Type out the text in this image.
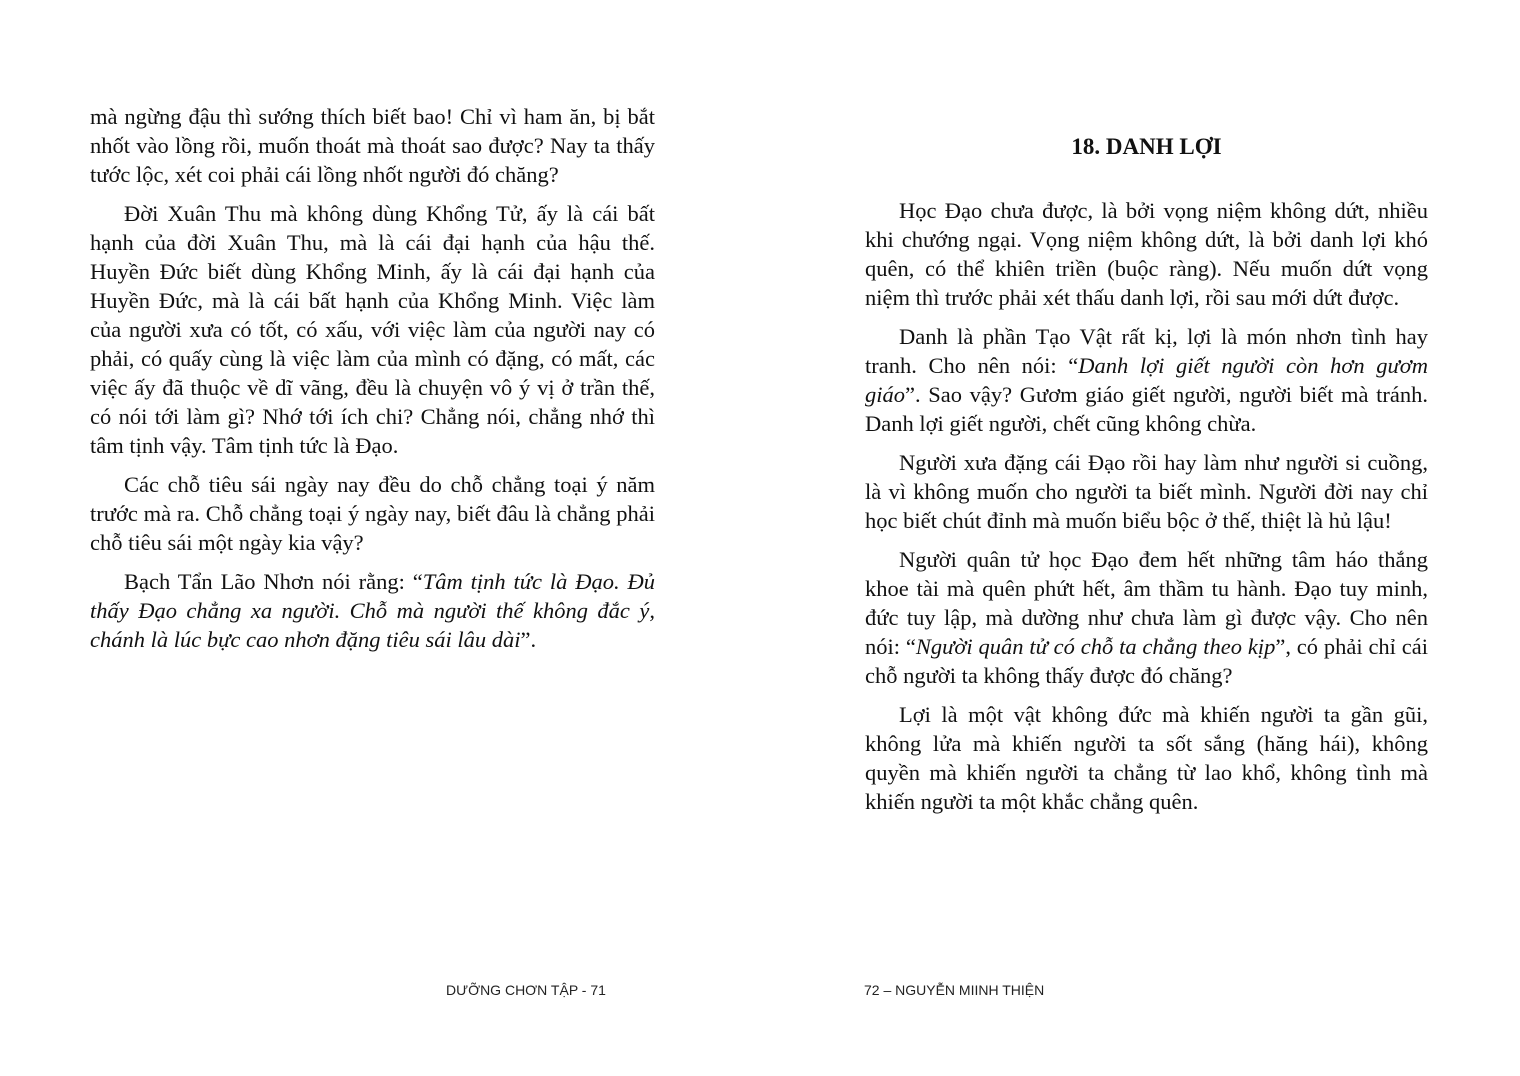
mà ngừng đậu thì sướng thích biết bao! Chỉ vì ham ăn, bị bắt nhốt vào lồng rồi, muốn thoát mà thoát sao được? Nay ta thấy tước lộc, xét coi phải cái lồng nhốt người đó chăng?

Đời Xuân Thu mà không dùng Khổng Tử, ấy là cái bất hạnh của đời Xuân Thu, mà là cái đại hạnh của hậu thế. Huyền Đức biết dùng Khổng Minh, ấy là cái đại hạnh của Huyền Đức, mà là cái bất hạnh của Khổng Minh. Việc làm của người xưa có tốt, có xấu, với việc làm của người nay có phải, có quấy cùng là việc làm của mình có đặng, có mất, các việc ấy đã thuộc về dĩ vãng, đều là chuyện vô ý vị ở trần thế, có nói tới làm gì? Nhớ tới ích chi? Chẳng nói, chẳng nhớ thì tâm tịnh vậy. Tâm tịnh tức là Đạo.

Các chỗ tiêu sái ngày nay đều do chỗ chẳng toại ý năm trước mà ra. Chỗ chẳng toại ý ngày nay, biết đâu là chẳng phải chỗ tiêu sái một ngày kia vậy?

Bạch Tẩn Lão Nhơn nói rằng: “Tâm tịnh tức là Đạo. Đủ thấy Đạo chẳng xa người. Chỗ mà người thế không đắc ý, chánh là lúc bực cao nhơn đặng tiêu sái lâu dài”.

DƯỠNG CHƠN TẬP - 71
18. DANH LỢI

Học Đạo chưa được, là bởi vọng niệm không dứt, nhiều khi chướng ngại. Vọng niệm không dứt, là bởi danh lợi khó quên, có thể khiên triền (buộc ràng). Nếu muốn dứt vọng niệm thì trước phải xét thấu danh lợi, rồi sau mới dứt được.

Danh là phần Tạo Vật rất kị, lợi là món nhơn tình hay tranh. Cho nên nói: “Danh lợi giết người còn hơn gươm giáo”. Sao vậy? Gươm giáo giết người, người biết mà tránh. Danh lợi giết người, chết cũng không chừa.

Người xưa đặng cái Đạo rồi hay làm như người si cuồng, là vì không muốn cho người ta biết mình. Người đời nay chỉ học biết chút đỉnh mà muốn biểu bộc ở thế, thiệt là hủ lậu!

Người quân tử học Đạo đem hết những tâm háo thắng khoe tài mà quên phứt hết, âm thầm tu hành. Đạo tuy minh, đức tuy lập, mà dường như chưa làm gì được vậy. Cho nên nói: “Người quân tử có chỗ ta chẳng theo kịp”, có phải chỉ cái chỗ người ta không thấy được đó chăng?

Lợi là một vật không đức mà khiến người ta gần gũi, không lửa mà khiến người ta sốt sắng (hăng hái), không quyền mà khiến người ta chẳng từ lao khổ, không tình mà khiến người ta một khắc chẳng quên.

72 – NGUYỄN MIINH THIỆN
